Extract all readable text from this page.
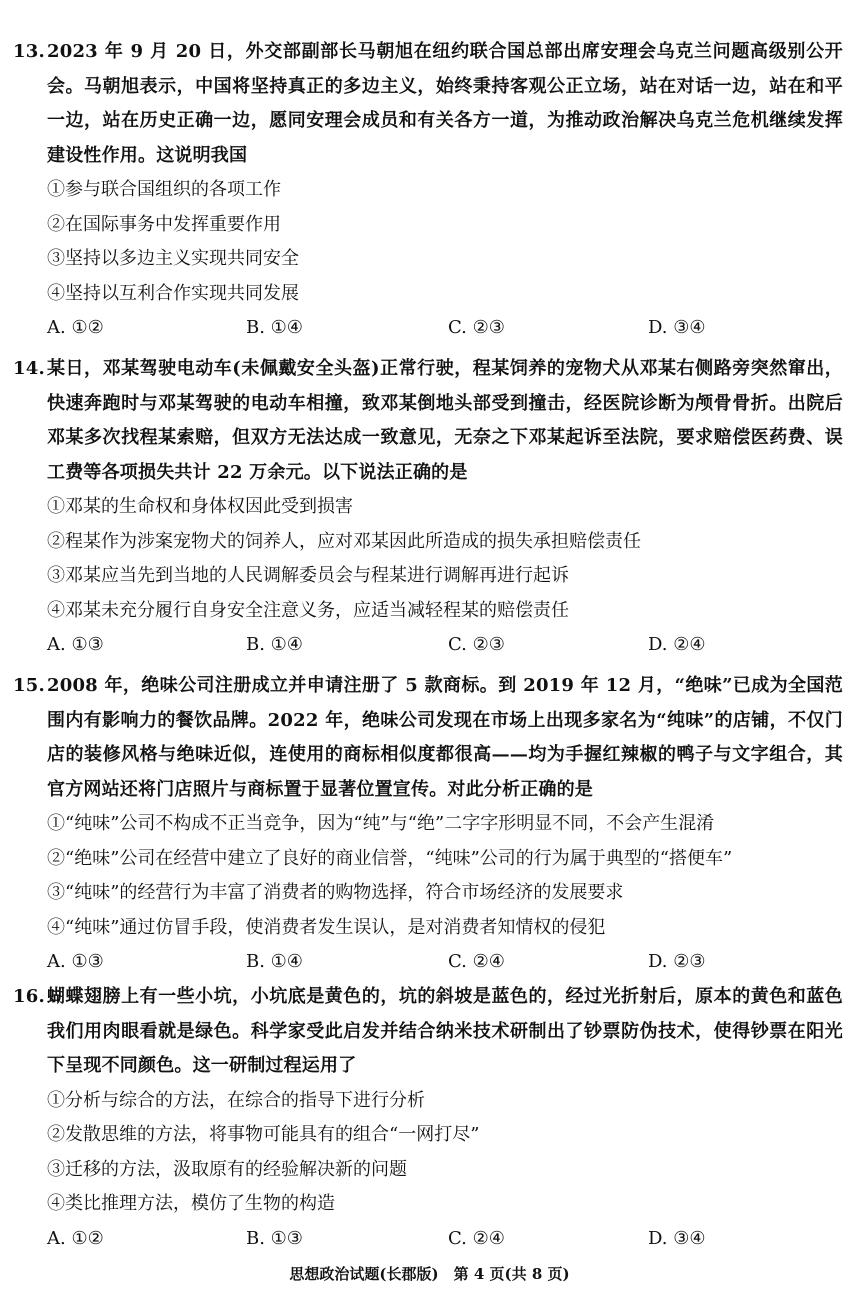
13. 2023 年 9 月 20 日，外交部副部长马朝旭在纽约联合国总部出席安理会乌克兰问题高级别公开会。马朝旭表示，中国将坚持真正的多边主义，始终秉持客观公正立场，站在对话一边，站在和平一边，站在历史正确一边，愿同安理会成员和有关各方一道，为推动政治解决乌克兰危机继续发挥建设性作用。这说明我国

①参与联合国组织的各项工作
②在国际事务中发挥重要作用
③坚持以多边主义实现共同安全
④坚持以互利合作实现共同发展
A. ①②	B. ①④	C. ②③	D. ③④

14. 某日，邓某驾驶电动车(未佩戴安全头盔)正常行驶，程某饲养的宠物犬从邓某右侧路旁突然窜出，快速奔跑时与邓某驾驶的电动车相撞，致邓某倒地头部受到撞击，经医院诊断为颅骨骨折。出院后邓某多次找程某索赔，但双方无法达成一致意见，无奈之下邓某起诉至法院，要求赔偿医药费、误工费等各项损失共计 22 万余元。以下说法正确的是

①邓某的生命权和身体权因此受到损害
②程某作为涉案宠物犬的饲养人，应对邓某因此所造成的损失承担赔偿责任
③邓某应当先到当地的人民调解委员会与程某进行调解再进行起诉
④邓某未充分履行自身安全注意义务，应适当减轻程某的赔偿责任
A. ①③	B. ①④	C. ②③	D. ②④

15. 2008 年，绝味公司注册成立并申请注册了 5 款商标。到 2019 年 12 月，“绝味”已成为全国范围内有影响力的餐饮品牌。2022 年，绝味公司发现在市场上出现多家名为“纯味”的店铺，不仅门店的装修风格与绝味近似，连使用的商标相似度都很高——均为手握红辣椒的鸭子与文字组合，其官方网站还将门店照片与商标置于显著位置宣传。对此分析正确的是

①“纯味”公司不构成不正当竞争，因为“纯”与“绝”二字字形明显不同，不会产生混淆
②“绝味”公司在经营中建立了良好的商业信誉，“纯味”公司的行为属于典型的“搭便车”
③“纯味”的经营行为丰富了消费者的购物选择，符合市场经济的发展要求
④“纯味”通过仿冒手段，使消费者发生误认，是对消费者知情权的侵犯
A. ①③	B. ①④	C. ②④	D. ②③

16. 蝴蝶翅膀上有一些小坑，小坑底是黄色的，坑的斜坡是蓝色的，经过光折射后，原本的黄色和蓝色我们用肉眼看就是绿色。科学家受此启发并结合纳米技术研制出了钞票防伪技术，使得钞票在阳光下呈现不同颜色。这一研制过程运用了

①分析与综合的方法，在综合的指导下进行分析
②发散思维的方法，将事物可能具有的组合“一网打尽”
③迁移的方法，汲取原有的经验解决新的问题
④类比推理方法，模仿了生物的构造
A. ①②	B. ①③	C. ②④	D. ③④
思想政治试题(长郡版)　第 4 页(共 8 页)
